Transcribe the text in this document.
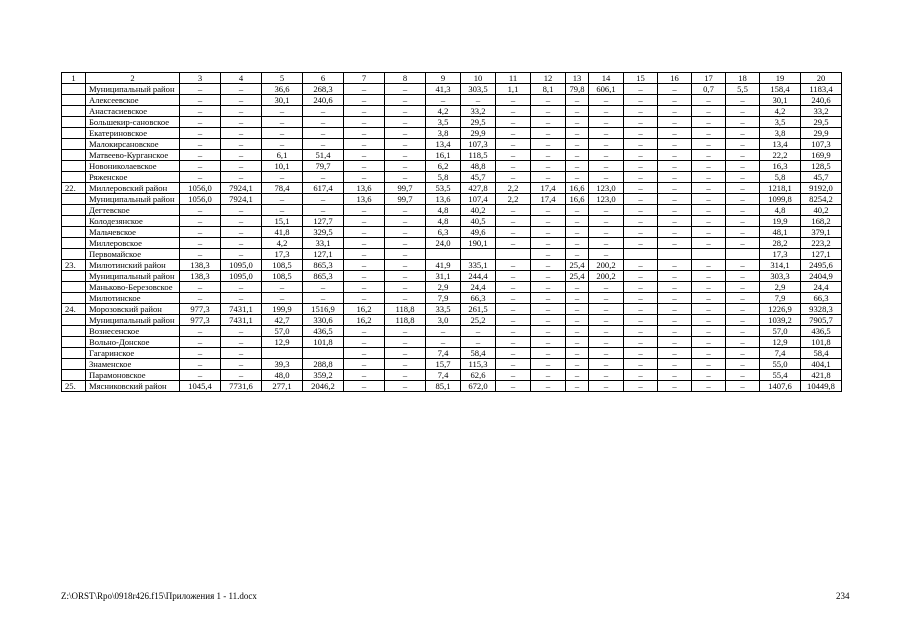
1	2	3	4	5	6	7	8	9	10	11	12	13	14	15	16	17	18	19	20
	Муниципальный район	–	–	36,6	268,3	–	–	41,3	303,5	1,1	8,1	79,8	606,1	–	–	0,7	5,5	158,4	1183,4
	Алексеевское	–	–	30,1	240,6	–	–	–	–	–	–	–	–	–	–	–	–	30,1	240,6
	Анастасиевское	–	–	–	–	–	–	4,2	33,2	–	–	–	–	–	–	–	–	4,2	33,2
	Большекир-сановское	–	–	–	–	–	–	3,5	29,5	–	–	–	–	–	–	–	–	3,5	29,5
	Екатериновское	–	–	–	–	–	–	3,8	29,9	–	–	–	–	–	–	–	–	3,8	29,9
	Малокирсановское	–	–	–	–	–	–	13,4	107,3	–	–	–	–	–	–	–	–	13,4	107,3
	Матвеево-Курганское	–	–	6,1	51,4	–	–	16,1	118,5	–	–	–	–	–	–	–	–	22,2	169,9
	Новониколаевское	–	–	10,1	79,7	–	–	6,2	48,8	–	–	–	–	–	–	–	–	16,3	128,5
	Ряженское	–	–	–	–	–	–	5,8	45,7	–	–	–	–	–	–	–	–	5,8	45,7
22.	Миллеровский район	1056,0	7924,1	78,4	617,4	13,6	99,7	53,5	427,8	2,2	17,4	16,6	123,0	–	–	–	–	1218,1	9192,0
	Муниципальный район	1056,0	7924,1	–	–	13,6	99,7	13,6	107,4	2,2	17,4	16,6	123,0	–	–	–	–	1099,8	8254,2
	Дегтевское	–	–	–	–	–	–	4,8	40,2	–	–	–	–	–	–	–	–	4,8	40,2
	Колодезянское	–	–	15,1	127,7	–	–	4,8	40,5	–	–	–	–	–	–	–	–	19,9	168,2
	Мальчевское	–	–	41,8	329,5	–	–	6,3	49,6	–	–	–	–	–	–	–	–	48,1	379,1
	Миллеровское	–	–	4,2	33,1	–	–	24,0	190,1	–	–	–	–	–	–	–	–	28,2	223,2
	Первомайское	–	–	17,3	127,1	–	–				–	–	–					17,3	127,1
23.	Милютинский район	138,3	1095,0	108,5	865,3	–	–	41,9	335,1	–	–	25,4	200,2	–	–	–	–	314,1	2495,6
	Муниципальный район	138,3	1095,0	108,5	865,3	–	–	31,1	244,4	–	–	25,4	200,2	–	–	–	–	303,3	2404,9
	Маньково-Березовское	–	–	–	–	–	–	2,9	24,4	–	–	–	–	–	–	–	–	2,9	24,4
	Милютинское	–	–	–	–	–	–	7,9	66,3	–	–	–	–	–	–	–	–	7,9	66,3
24.	Морозовский район	977,3	7431,1	199,9	1516,9	16,2	118,8	33,5	261,5	–	–	–	–	–	–	–	–	1226,9	9328,3
	Муниципальный район	977,3	7431,1	42,7	330,6	16,2	118,8	3,0	25,2	–	–	–	–	–	–	–	–	1039,2	7905,7
	Вознесенское	–	–	57,0	436,5	–	–	–	–	–	–	–	–	–	–	–	–	57,0	436,5
	Вольно-Донское	–	–	12,9	101,8	–	–	–	–	–	–	–	–	–	–	–	–	12,9	101,8
	Гагаринское	–	–			–	–	7,4	58,4	–	–	–	–	–	–	–	–	7,4	58,4
	Знаменское	–	–	39,3	288,8	–	–	15,7	115,3	–	–	–	–	–	–	–	–	55,0	404,1
	Парамоновское	–	–	48,0	359,2	–	–	7,4	62,6	–	–	–	–	–	–	–	–	55,4	421,8
25.	Мясниковский район	1045,4	7731,6	277,1	2046,2	–	–	85,1	672,0	–	–	–	–	–	–	–	–	1407,6	10449,8
Z:\ORST\Rpo\0918r426.f15\Приложения 1 - 11.docx	234
